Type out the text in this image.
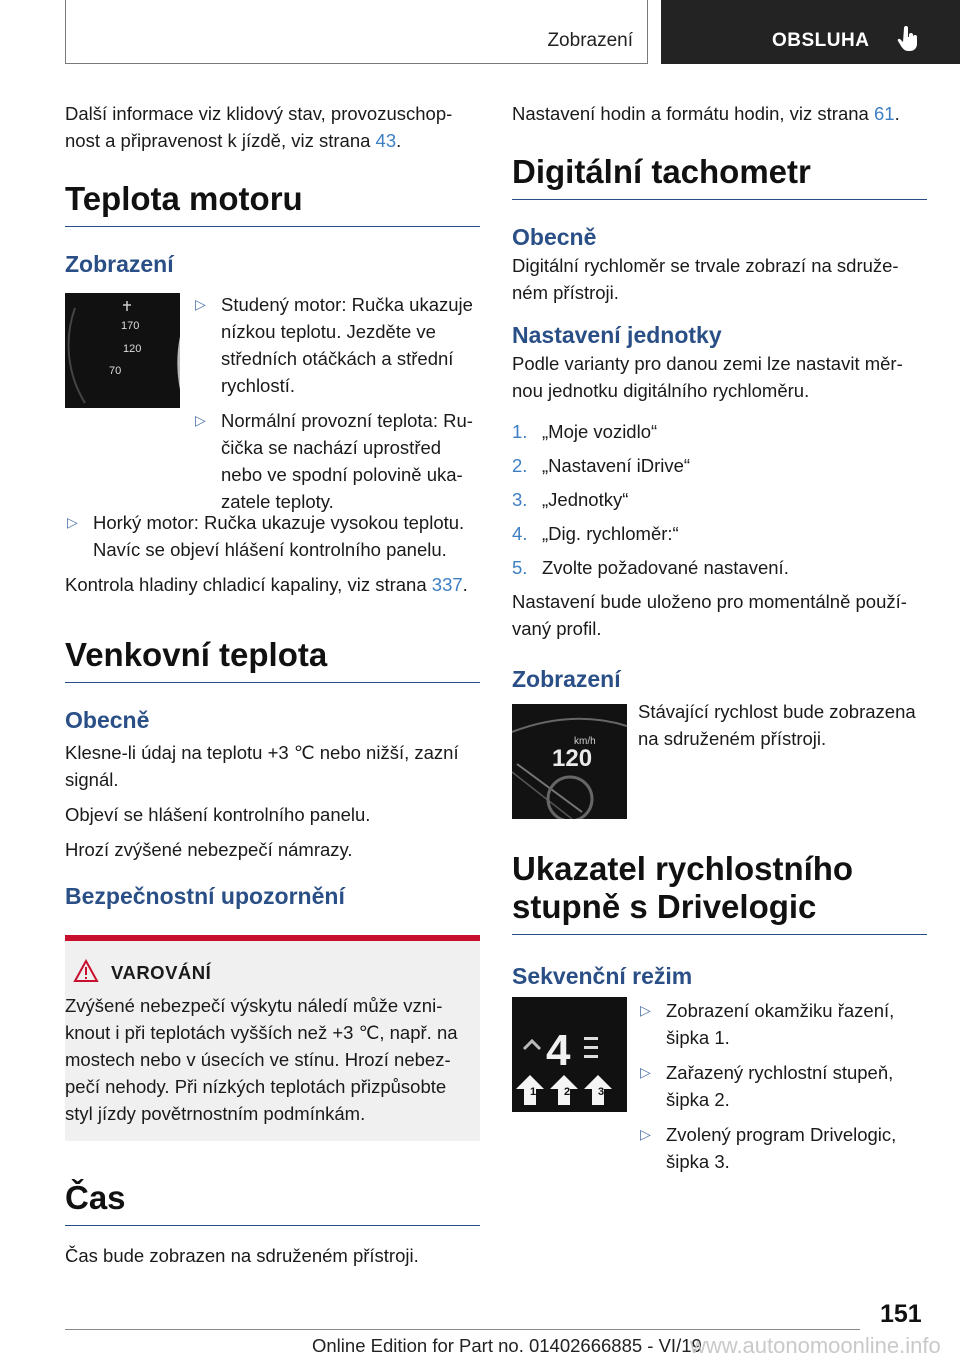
Zobrazení	OBSLUHA

Další informace viz klidový stav, provozuschop-nost a připravenost k jízdě, viz strana 43.

Teplota motoru
Zobrazení
170
120
70
▷ Studený motor: Ručka ukazuje nízkou teplotu. Jezděte ve středních otáčkách a střední rychlostí.
▷ Normální provozní teplota: Ru-čička se nachází uprostřed nebo ve spodní polovině uka-zatele teploty.
▷ Horký motor: Ručka ukazuje vysokou teplotu. Navíc se objeví hlášení kontrolního panelu.

Kontrola hladiny chladicí kapaliny, viz strana 337.

Venkovní teplota
Obecně

Klesne-li údaj na teplotu +3 ℃ nebo nižší, zazní signál.

Objeví se hlášení kontrolního panelu.

Hrozí zvýšené nebezpečí námrazy.

Bezpečnostní upozornění
VAROVÁNÍ
Zvýšené nebezpečí výskytu náledí může vzni-knout i při teplotách vyšších než +3 ℃, např. na mostech nebo v úsecích ve stínu. Hrozí nebez-pečí nehody. Při nízkých teplotách přizpůsobte styl jízdy povětrnostním podmínkám.
Čas

Čas bude zobrazen na sdruženém přístroji.

Nastavení hodin a formátu hodin, viz strana 61.

Digitální tachometr
Obecně

Digitální rychloměr se trvale zobrazí na sdruže-ném přístroji.

Nastavení jednotky

Podle varianty pro danou zemi lze nastavit měr-nou jednotku digitálního rychloměru.

1. „Moje vozidlo“
2. „Nastavení iDrive“
3. „Jednotky“
4. „Dig. rychloměr:“
5. Zvolte požadované nastavení.

Nastavení bude uloženo pro momentálně použí-vaný profil.

Zobrazení
km/h
120

Stávající rychlost bude zobrazena na sdruženém přístroji.

Ukazatel rychlostního stupně s Drivelogic
Sekvenční režim
4
1	2	3
▷ Zobrazení okamžiku řazení, šipka 1.
▷ Zařazený rychlostní stupeň, šipka 2.
▷ Zvolený program Drivelogic, šipka 3.
151
Online Edition for Part no. 01402666885 - VI/19
www.autonomoonline.info
